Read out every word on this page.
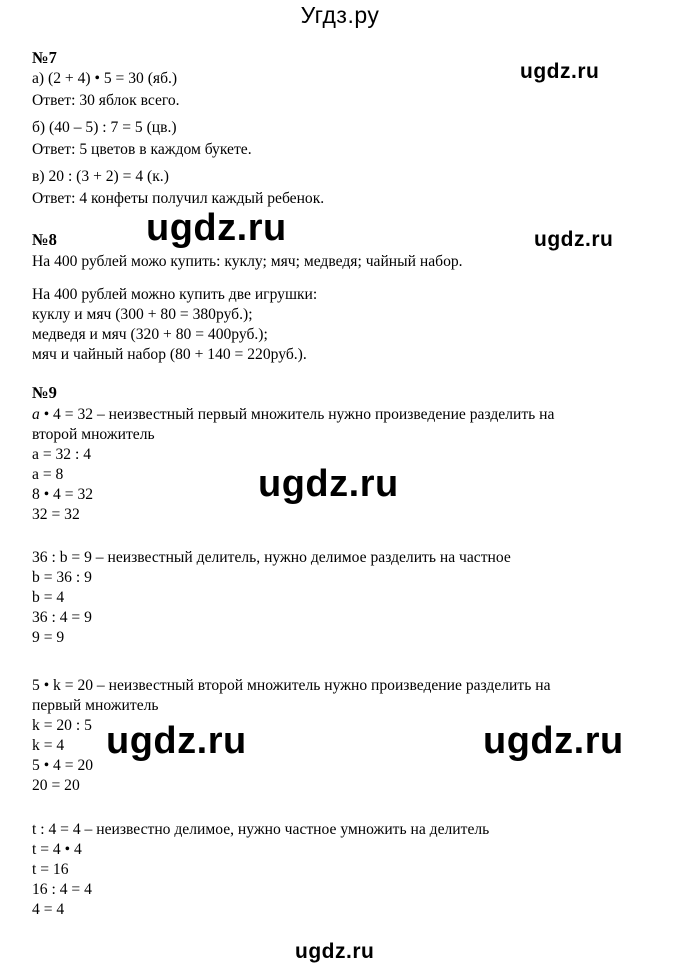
Угдз.ру
№7
а) (2 + 4) • 5 = 30 (яб.)
Ответ: 30 яблок всего.
б) (40 – 5) : 7 = 5 (цв.)
Ответ: 5 цветов в каждом букете.
в) 20 : (3 + 2) = 4 (к.)
Ответ: 4 конфеты получил каждый ребенок.
№8
На 400 рублей можо купить: куклу; мяч; медведя; чайный набор.
На 400 рублей можно купить две игрушки:
куклу и мяч (300 + 80 = 380руб.);
медведя и мяч (320 + 80 = 400руб.);
мяч и чайный набор (80 + 140 = 220руб.).
№9
a • 4 = 32 – неизвестный первый множитель нужно произведение разделить на
второй множитель
a = 32 : 4
a = 8
8 • 4 = 32
32 = 32
36 : b = 9 – неизвестный делитель, нужно делимое разделить на частное
b = 36 : 9
b = 4
36 : 4 = 9
9 = 9
5 • k = 20 – неизвестный второй множитель нужно произведение разделить на
первый множитель
k = 20 : 5
k = 4
5 • 4 = 20
20 = 20
t : 4 = 4 – неизвестно делимое, нужно частное умножить на делитель
t = 4 • 4
t = 16
16 : 4 = 4
4 = 4
ugdz.ru
ugdz.ru	ugdz.ru
ugdz.ru
ugdz.ru	ugdz.ru
ugdz.ru
